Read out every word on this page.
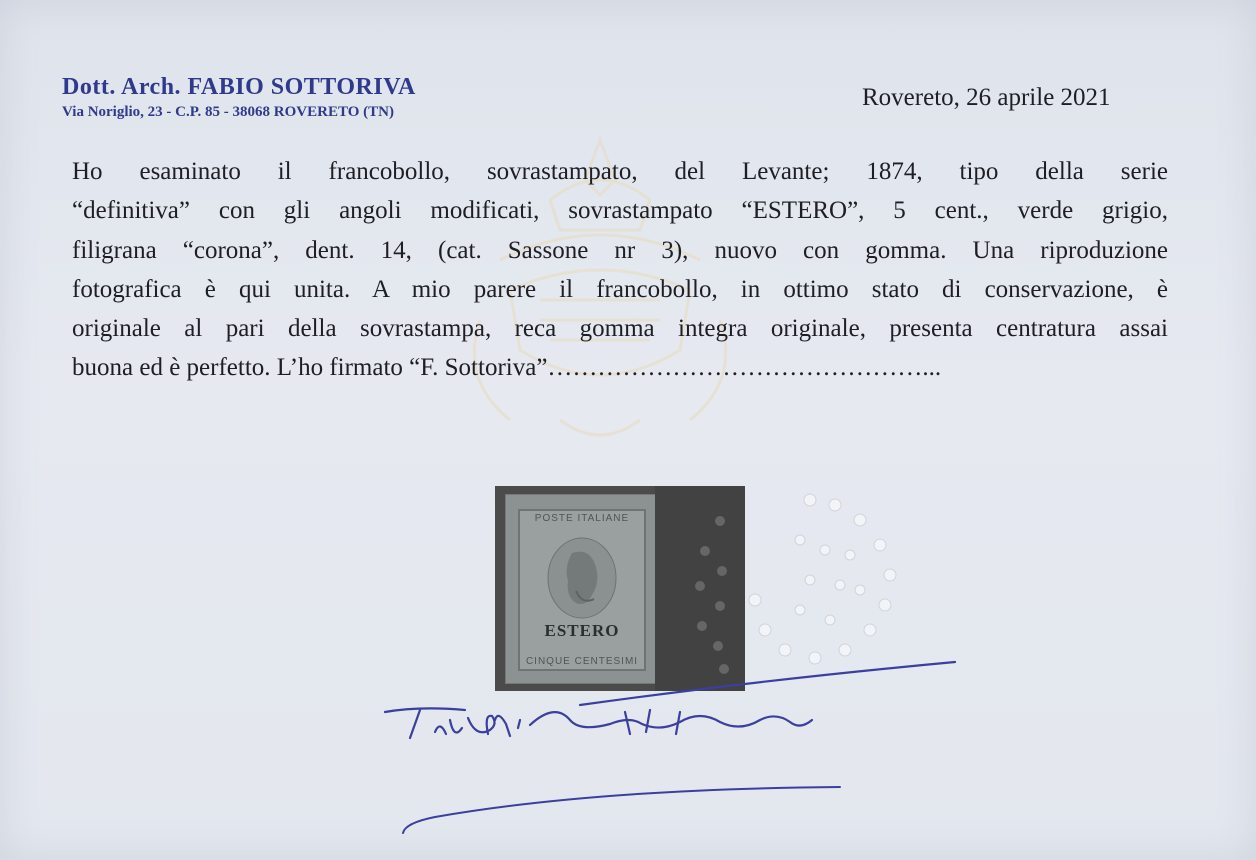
Dott. Arch. FABIO SOTTORIVA
Via Noriglio, 23 - C.P. 85 - 38068 ROVERETO (TN)
Rovereto, 26 aprile 2021
Ho esaminato il francobollo, sovrastampato, del Levante; 1874, tipo della serie
“definitiva” con gli angoli modificati, sovrastampato “ESTERO”, 5 cent., verde grigio,
filigrana “corona”, dent. 14, (cat. Sassone nr 3), nuovo con gomma. Una riproduzione
fotografica è qui unita. A mio parere il francobollo, in ottimo stato di conservazione, è
originale al pari della sovrastampa, reca gomma integra originale, presenta centratura assai
buona ed è perfetto. L’ho firmato “F. Sottoriva”………………………………………...
POSTE ITALIANE
ESTERO
CINQUE CENTESIMI
